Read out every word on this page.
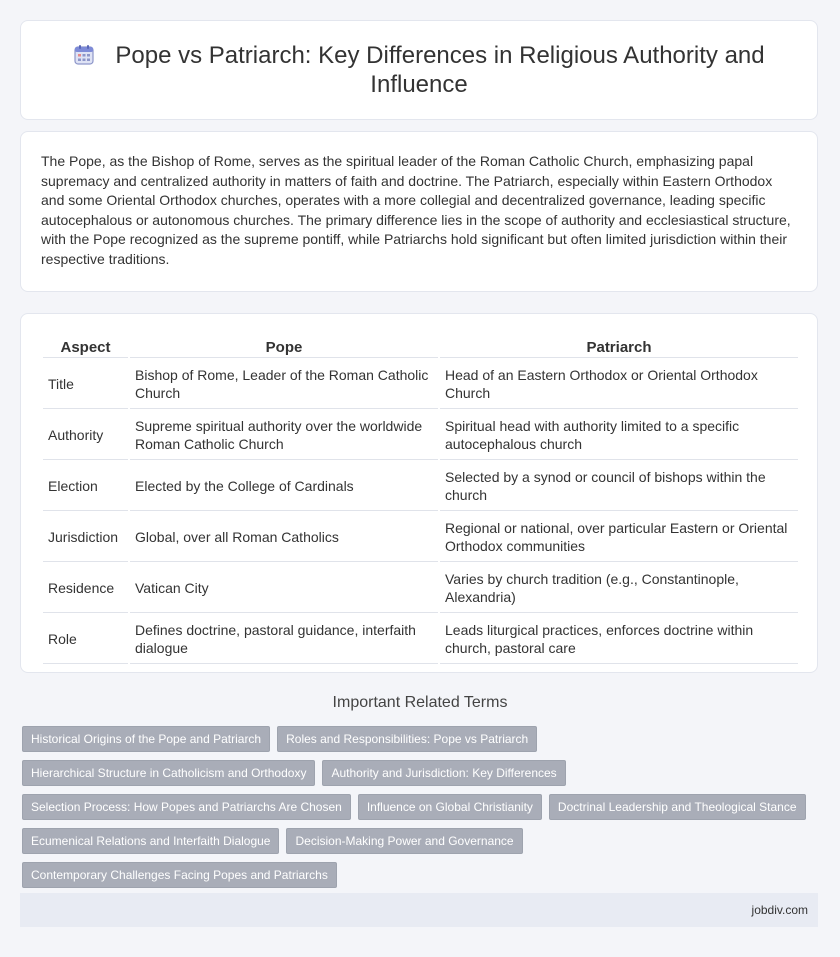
Pope vs Patriarch: Key Differences in Religious Authority and Influence
The Pope, as the Bishop of Rome, serves as the spiritual leader of the Roman Catholic Church, emphasizing papal supremacy and centralized authority in matters of faith and doctrine. The Patriarch, especially within Eastern Orthodox and some Oriental Orthodox churches, operates with a more collegial and decentralized governance, leading specific autocephalous or autonomous churches. The primary difference lies in the scope of authority and ecclesiastical structure, with the Pope recognized as the supreme pontiff, while Patriarchs hold significant but often limited jurisdiction within their respective traditions.
Aspect	Pope	Patriarch
Title	Bishop of Rome, Leader of the Roman Catholic Church	Head of an Eastern Orthodox or Oriental Orthodox Church
Authority	Supreme spiritual authority over the worldwide Roman Catholic Church	Spiritual head with authority limited to a specific autocephalous church
Election	Elected by the College of Cardinals	Selected by a synod or council of bishops within the church
Jurisdiction	Global, over all Roman Catholics	Regional or national, over particular Eastern or Oriental Orthodox communities
Residence	Vatican City	Varies by church tradition (e.g., Constantinople, Alexandria)
Role	Defines doctrine, pastoral guidance, interfaith dialogue	Leads liturgical practices, enforces doctrine within church, pastoral care
Important Related Terms
Historical Origins of the Pope and Patriarch	Roles and Responsibilities: Pope vs Patriarch
Hierarchical Structure in Catholicism and Orthodoxy	Authority and Jurisdiction: Key Differences
Selection Process: How Popes and Patriarchs Are Chosen	Influence on Global Christianity	Doctrinal Leadership and Theological Stance
Ecumenical Relations and Interfaith Dialogue	Decision-Making Power and Governance
Contemporary Challenges Facing Popes and Patriarchs
jobdiv.com
